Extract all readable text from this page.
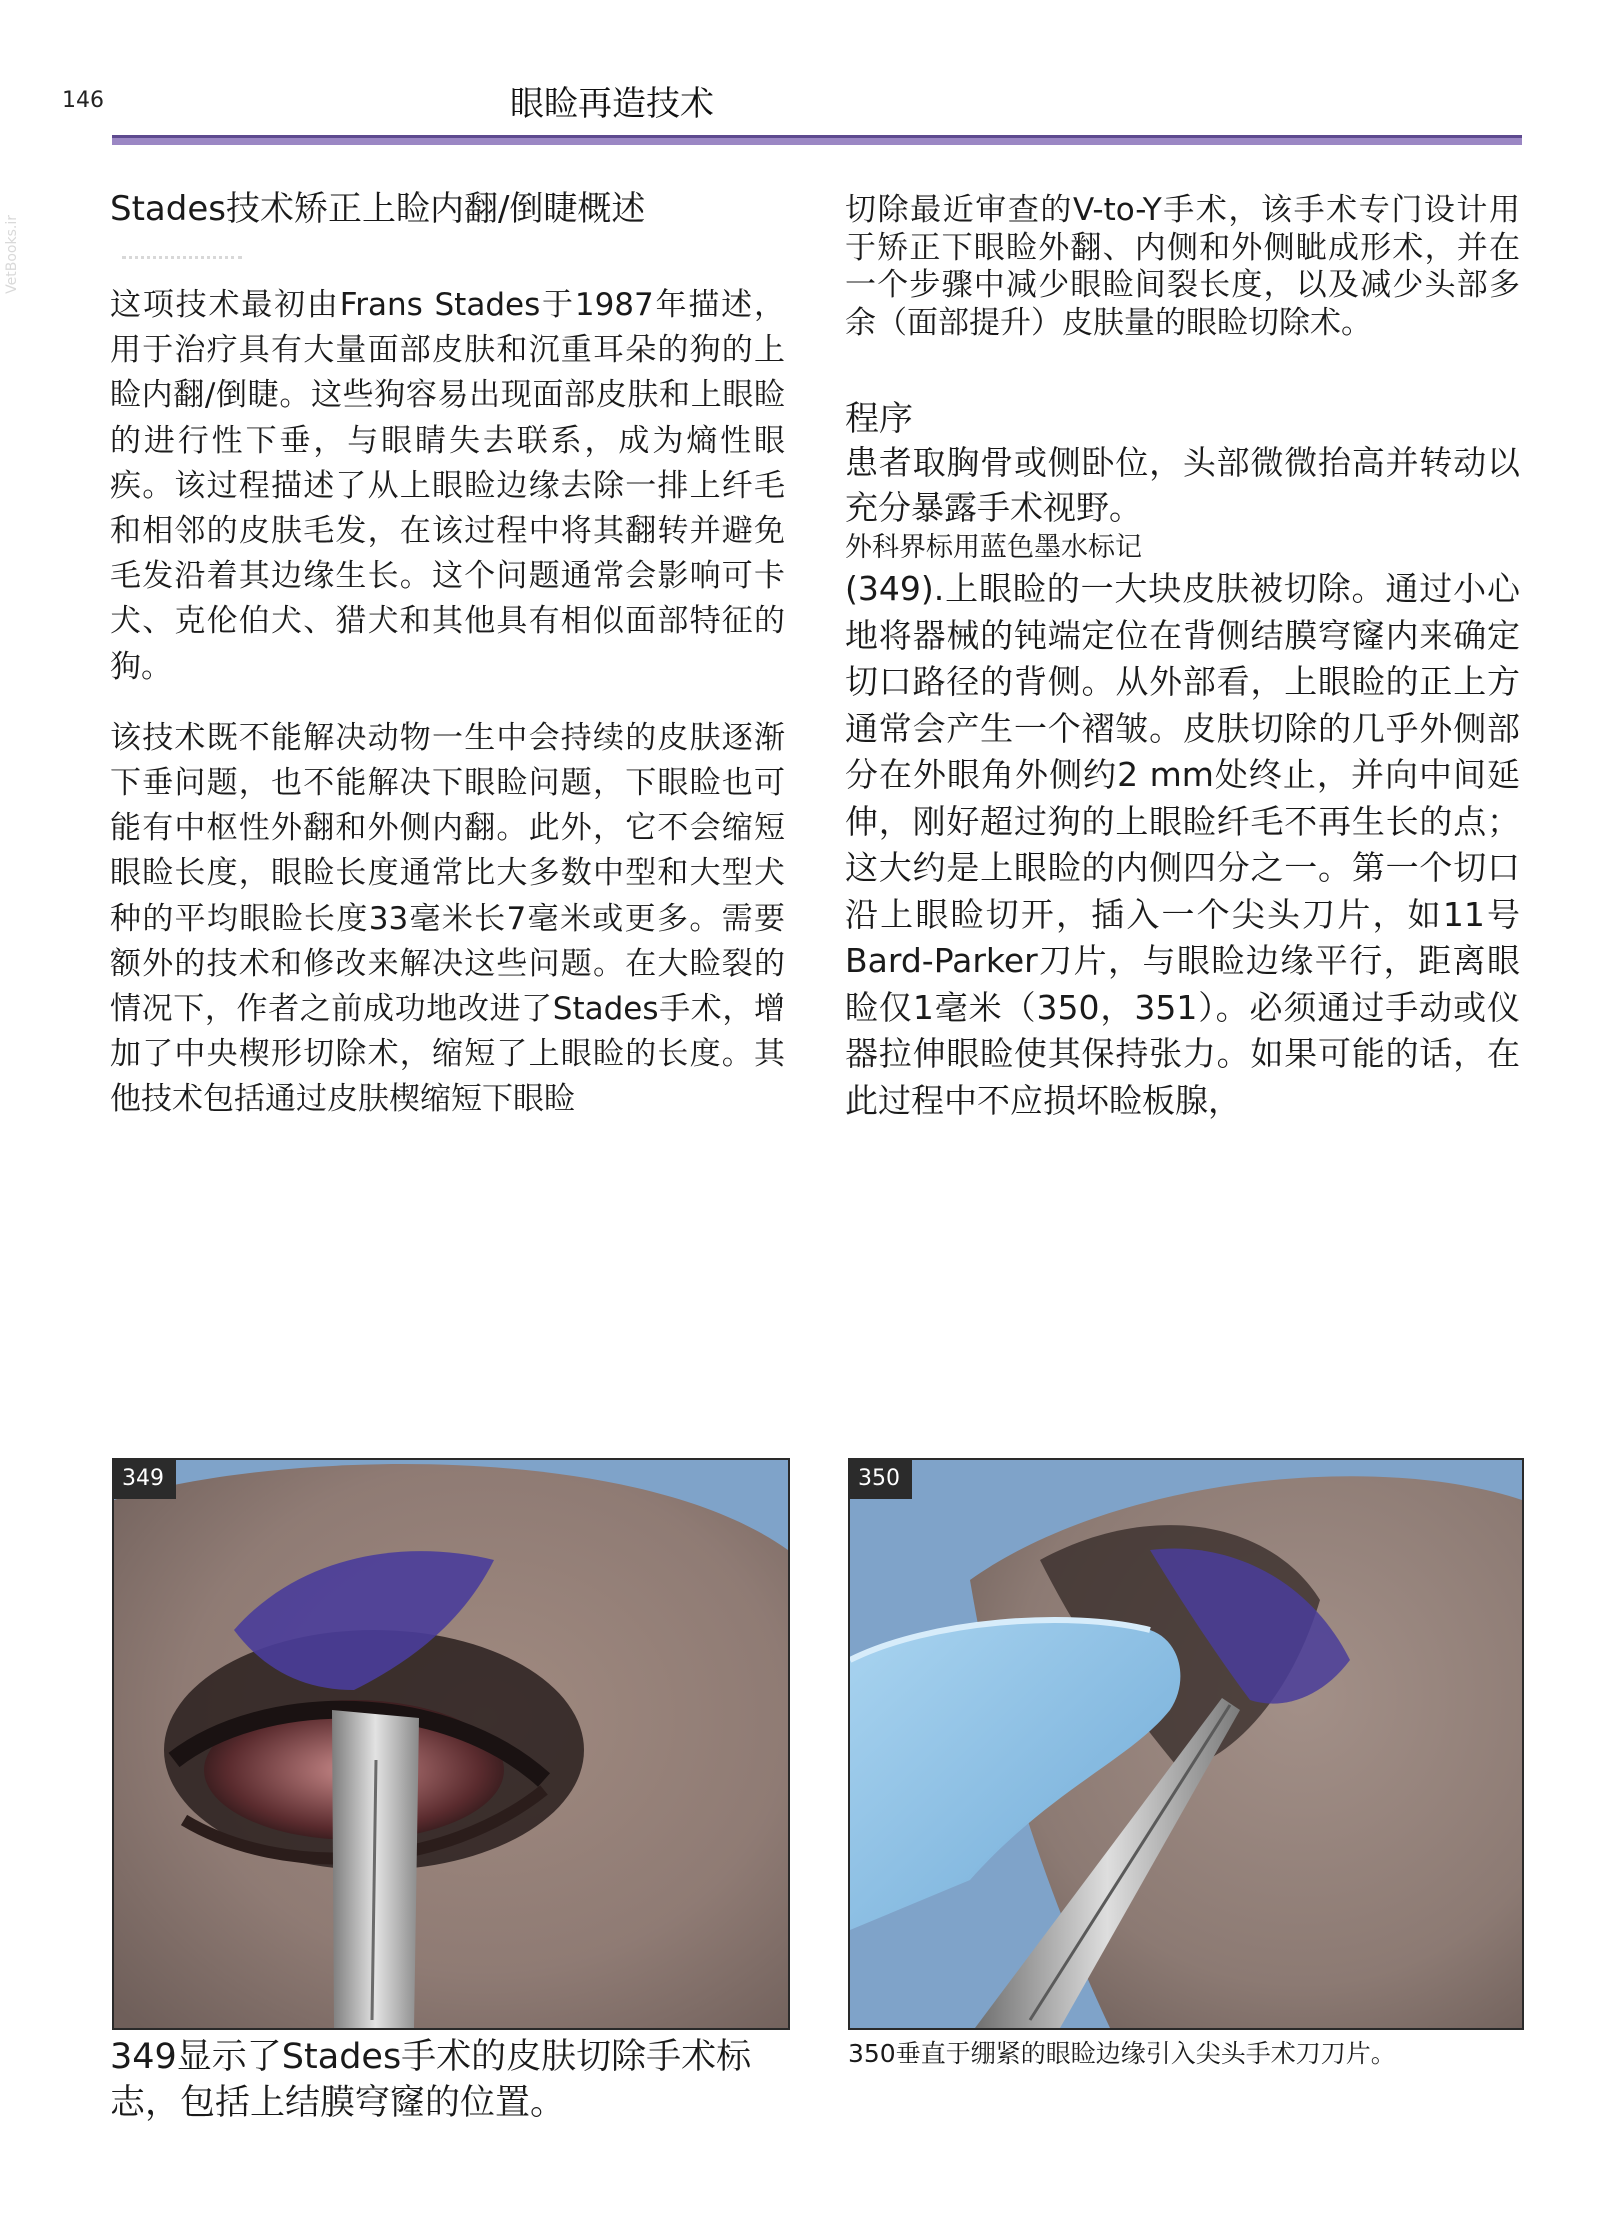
146	眼睑再造技术
VetBooks.ir
Stades技术矫正上睑内翻/倒睫概述

这项技术最初由Frans Stades于1987年描述，用于治疗具有大量面部皮肤和沉重耳朵的狗的上睑内翻/倒睫。这些狗容易出现面部皮肤和上眼睑的进行性下垂，与眼睛失去联系，成为熵性眼疾。该过程描述了从上眼睑边缘去除一排上纤毛和相邻的皮肤毛发，在该过程中将其翻转并避免毛发沿着其边缘生长。这个问题通常会影响可卡犬、克伦伯犬、猎犬和其他具有相似面部特征的狗。

该技术既不能解决动物一生中会持续的皮肤逐渐下垂问题，也不能解决下眼睑问题，下眼睑也可能有中枢性外翻和外侧内翻。此外，它不会缩短眼睑长度，眼睑长度通常比大多数中型和大型犬种的平均眼睑长度33毫米长7毫米或更多。需要额外的技术和修改来解决这些问题。在大睑裂的情况下，作者之前成功地改进了Stades手术，增加了中央楔形切除术，缩短了上眼睑的长度。其他技术包括通过皮肤楔缩短下眼睑

切除最近审查的V-to-Y手术，该手术专门设计用于矫正下眼睑外翻、内侧和外侧眦成形术，并在一个步骤中减少眼睑间裂长度，以及减少头部多余（面部提升）皮肤量的眼睑切除术。

程序

患者取胸骨或侧卧位，头部微微抬高并转动以充分暴露手术视野。

外科界标用蓝色墨水标记

(349).上眼睑的一大块皮肤被切除。通过小心地将器械的钝端定位在背侧结膜穹窿内来确定切口路径的背侧。从外部看，上眼睑的正上方通常会产生一个褶皱。皮肤切除的几乎外侧部分在外眼角外侧约2 mm处终止，并向中间延伸，刚好超过狗的上眼睑纤毛不再生长的点；这大约是上眼睑的内侧四分之一。第一个切口沿上眼睑切开，插入一个尖头刀片，如11号Bard-Parker刀片，与眼睑边缘平行，距离眼睑仅1毫米（350，351）。必须通过手动或仪器拉伸眼睑使其保持张力。如果可能的话，在此过程中不应损坏睑板腺，

349	350
349显示了Stades手术的皮肤切除手术标志，包括上结膜穹窿的位置。
350垂直于绷紧的眼睑边缘引入尖头手术刀刀片。
